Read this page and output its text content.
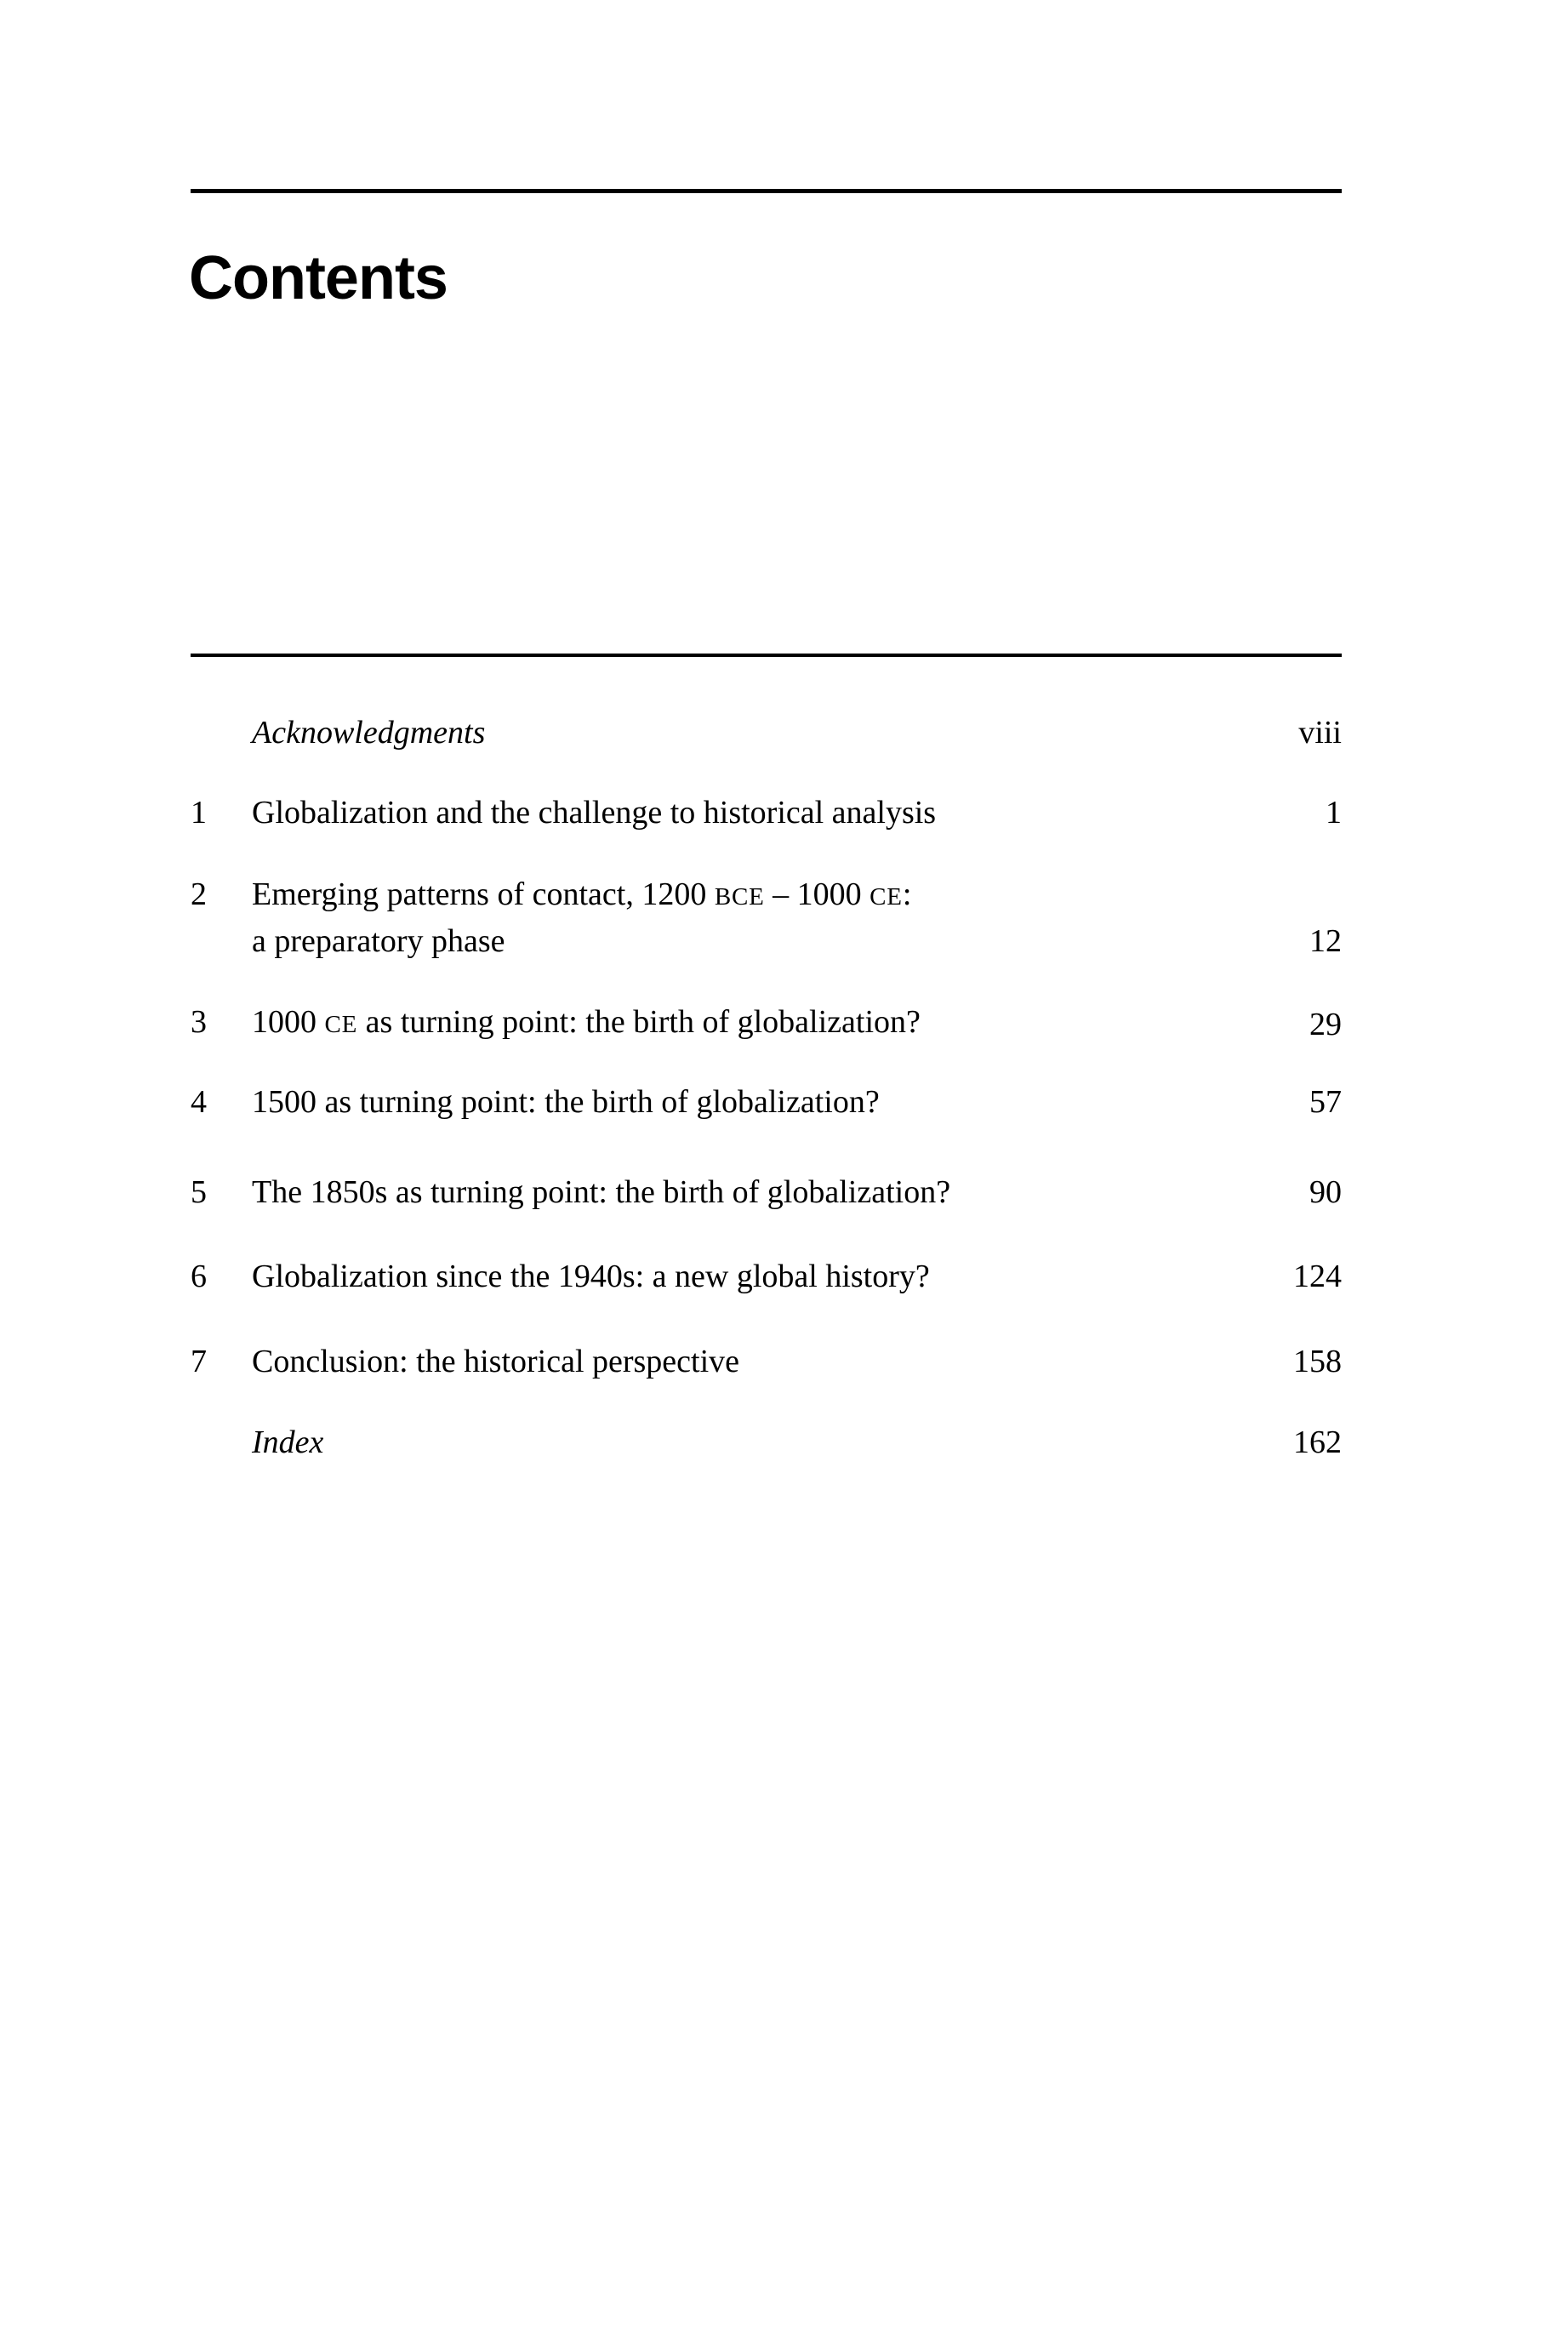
Contents
Acknowledgments	viii
1	Globalization and the challenge to historical analysis	1
2	Emerging patterns of contact, 1200 BCE – 1000 CE:
a preparatory phase	12
3	1000 CE as turning point: the birth of globalization?	29
4	1500 as turning point: the birth of globalization?	57
5	The 1850s as turning point: the birth of globalization?	90
6	Globalization since the 1940s: a new global history?	124
7	Conclusion: the historical perspective	158
Index	162
